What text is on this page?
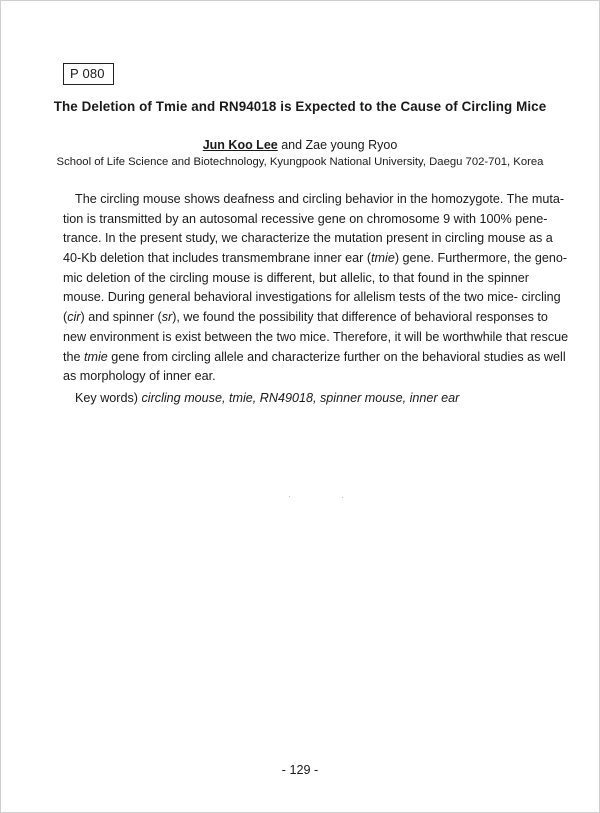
P 080
The Deletion of Tmie and RN94018 is Expected to the Cause of Circling Mice
Jun Koo Lee and Zae young Ryoo
School of Life Science and Biotechnology, Kyungpook National University, Daegu 702-701, Korea
The circling mouse shows deafness and circling behavior in the homozygote. The muta-
tion is transmitted by an autosomal recessive gene on chromosome 9 with 100% pene-
trance. In the present study, we characterize the mutation present in circling mouse as a
40-Kb deletion that includes transmembrane inner ear (tmie) gene. Furthermore, the geno-
mic deletion of the circling mouse is different, but allelic, to that found in the spinner
mouse. During general behavioral investigations for allelism tests of the two mice- circling
(cir) and spinner (sr), we found the possibility that difference of behavioral responses to
new environment is exist between the two mice. Therefore, it will be worthwhile that rescue
the tmie gene from circling allele and characterize further on the behavioral studies as well
as morphology of inner ear.
Key words) circling mouse, tmie, RN49018, spinner mouse, inner ear
- 129 -
